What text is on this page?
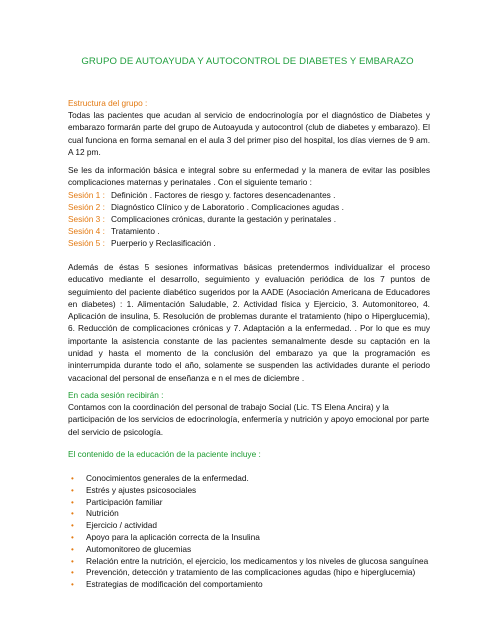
GRUPO DE AUTOAYUDA Y AUTOCONTROL DE DIABETES Y EMBARAZO
Estructura del grupo :
Todas las pacientes que acudan al servicio de endocrinología por el diagnóstico de Diabetes y embarazo formarán parte del grupo de Autoayuda y autocontrol (club de diabetes y embarazo). El cual funciona en forma semanal en el aula 3 del primer piso del hospital, los días viernes de 9 am. A 12 pm.
Se les da información básica e integral sobre su enfermedad y la manera de evitar las posibles complicaciones maternas y perinatales . Con el siguiente temario :
Sesión 1 : Definición . Factores de riesgo y. factores desencadenantes .
Sesión 2 : Diagnóstico Clínico y de Laboratorio . Complicaciones agudas .
Sesión 3 : Complicaciones crónicas, durante la gestación y perinatales .
Sesión 4 : Tratamiento .
Sesión 5 : Puerperio y Reclasificación .
Además de éstas 5 sesiones informativas básicas pretendermos individualizar el proceso educativo mediante el desarrollo, seguimiento y evaluación periódica de los 7 puntos de seguimiento del paciente diabético sugeridos por la AADE (Asociación Americana de Educadores en diabetes) : 1. Alimentación Saludable, 2. Actividad física y Ejercicio, 3. Automonitoreo, 4. Aplicación de insulina, 5. Resolución de problemas durante el tratamiento (hipo o Hiperglucemia), 6. Reducción de complicaciones crónicas y 7. Adaptación a la enfermedad. . Por lo que es muy importante la asistencia constante de las pacientes semanalmente desde su captación en la unidad y hasta el momento de la conclusión del embarazo ya que la programación es ininterrumpida durante todo el año, solamente se suspenden las actividades durante el periodo vacacional del personal de enseñanza e n el mes de diciembre .
En cada sesión recibirán :
Contamos con la coordinación del personal de trabajo Social (Lic. TS Elena Ancira) y la participación de los servicios de edocrinología, enfermería y nutrición y apoyo emocional por parte del servicio de psicología.
El contenido de la educación de la paciente incluye :
• Conocimientos generales de la enfermedad.
• Estrés y ajustes psicosociales
• Participación familiar
• Nutrición
• Ejercicio / actividad
• Apoyo para la aplicación correcta de la Insulina
• Automonitoreo de glucemias
• Relación entre la nutrición, el ejercicio, los medicamentos y los niveles de glucosa sanguínea
• Prevención, detección y tratamiento de las complicaciones agudas (hipo e hiperglucemia)
• Estrategias de modificación del comportamiento
